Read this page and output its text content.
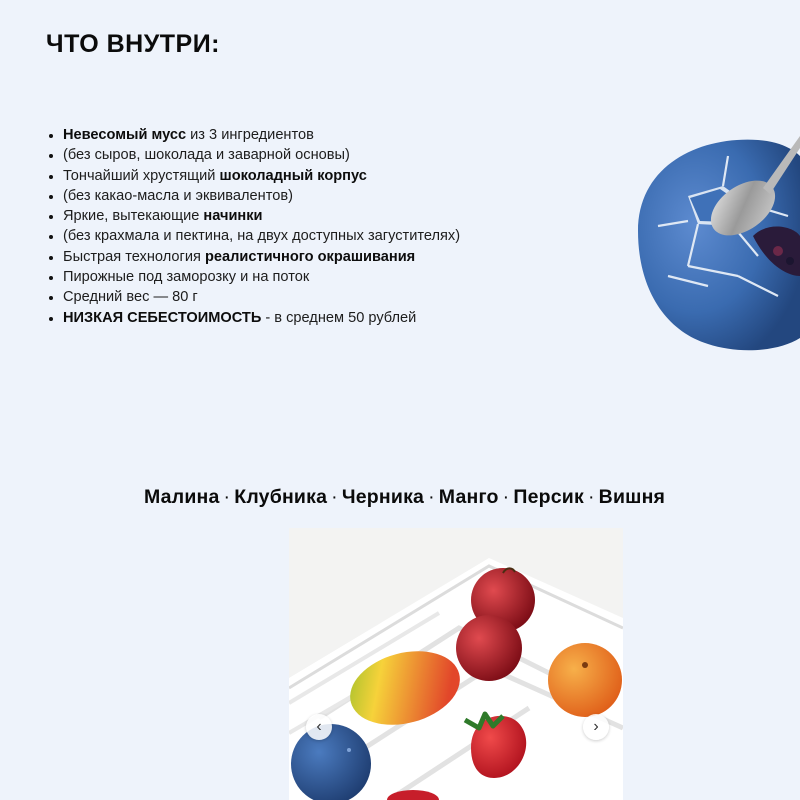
ЧТО ВНУТРИ:
• Невесомый мусс из 3 ингредиентов
• (без сыров, шоколада и заварной основы)
• Тончайший хрустящий шоколадный корпус
• (без какао-масла и эквивалентов)
• Яркие, вытекающие начинки
• (без крахмала и пектина, на двух доступных загустителях)
• Быстрая технология реалистичного окрашивания
• Пирожные под заморозку и на поток
• Средний вес — 80 г
• НИЗКАЯ СЕБЕСТОИМОСТЬ - в среднем 50 рублей
Малина · Клубника · Черника · Манго · Персик · Вишня
‹	›
